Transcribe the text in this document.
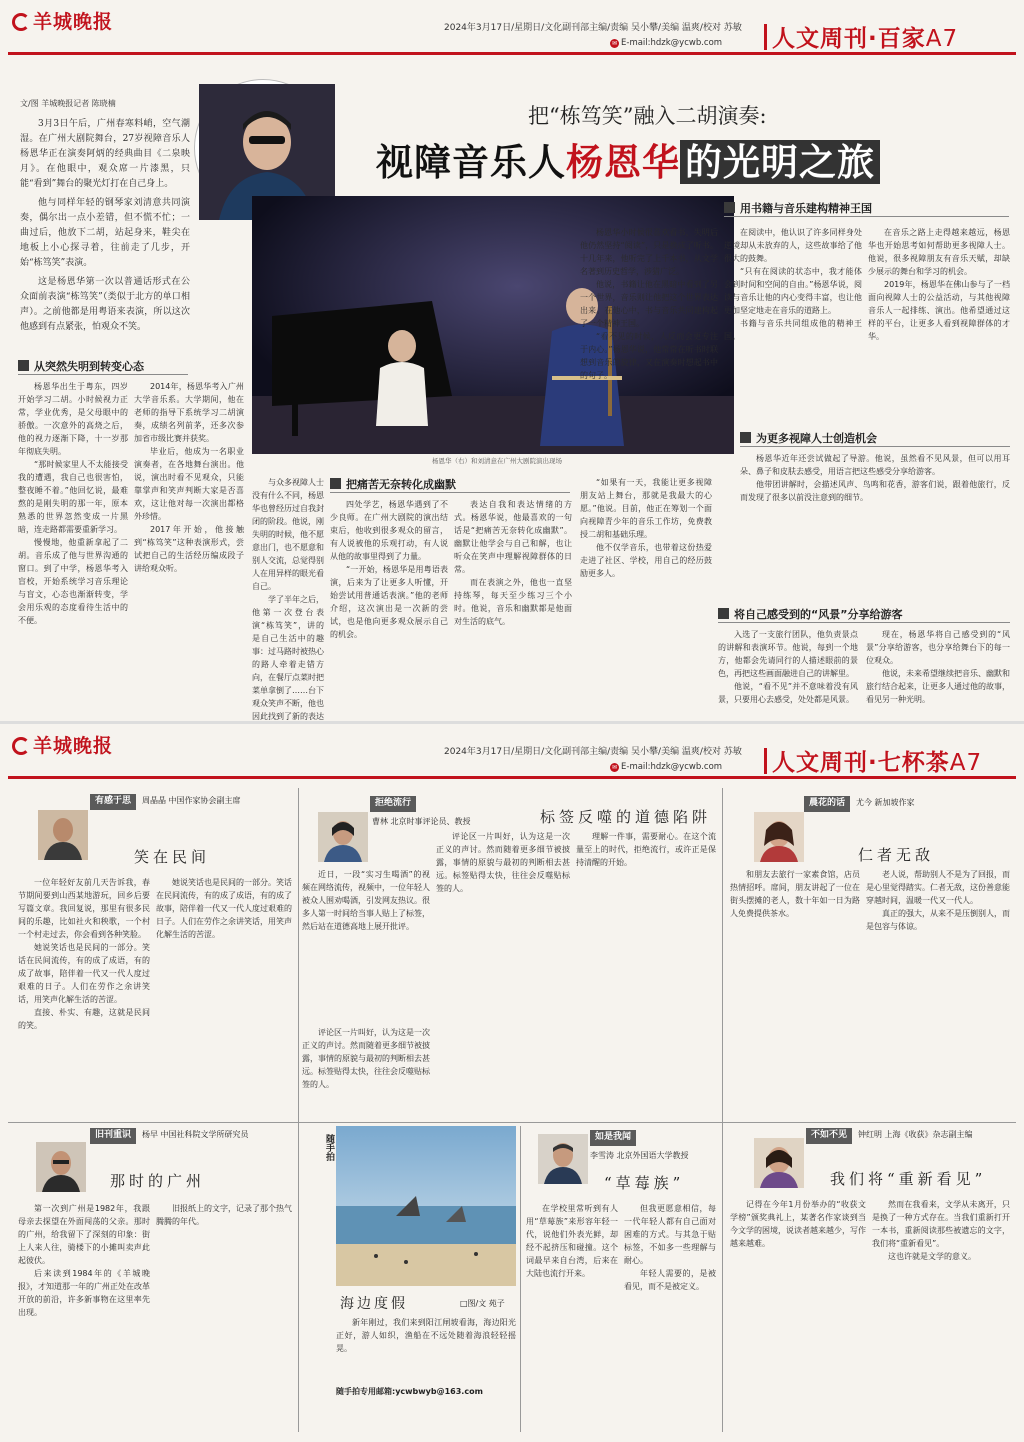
羊城晚报	2024年3月17日/星期日/文化副刊部主编/责编 吴小攀/美编 温爽/校对 苏敏
✉ E-mail:hdzk@ycwb.com 人文周刊·百家A7
文/图 羊城晚报记者 陈晓楠

3月3日午后，广州春寒料峭，空气潮湿。在广州大剧院舞台，27岁视障音乐人杨恩华正在演奏阿炳的经典曲目《二泉映月》。在他眼中，观众席一片漆黑，只能“看到”舞台的聚光灯打在自己身上。

他与同样年轻的钢琴家刘清意共同演奏，偶尔出一点小差错，但不慌不忙；一曲过后，他放下二胡，站起身来，鞋尖在地板上小心探寻着，往前走了几步，开始“栋笃笑”表演。

这是杨恩华第一次以普通话形式在公众面前表演“栋笃笑”（类似于北方的单口相声）。之前他都是用粤语来表演，所以这次他感到有点紧张，怕观众不笑。

把“栋笃笑”融入二胡演奏:
视障音乐人杨恩华 的光明之旅
杨恩华（右）和刘清意在广州大剧院演出现场
从突然失明到转变心态
把痛苦无奈转化成幽默
用书籍与音乐建构精神王国
为更多视障人士创造机会
将自己感受到的“风景”分享给游客

杨恩华出生于粤东，四岁开始学习二胡。小时候视力正常，学业优秀，是父母眼中的骄傲。一次意外的高烧之后，他的视力逐渐下降，十一岁那年彻底失明。

“那时候家里人不太能接受我的遭遇，我自己也很害怕，整夜睡不着。”他回忆说，最难熬的是刚失明的那一年，原本熟悉的世界忽然变成一片黑暗，连走路都需要重新学习。

慢慢地，他重新拿起了二胡。音乐成了他与世界沟通的窗口。到了中学，杨恩华考入盲校，开始系统学习音乐理论与盲文，心态也渐渐转变，学会用乐观的态度看待生活中的不便。

2014年，杨恩华考入广州大学音乐系。大学期间，他在老师的指导下系统学习二胡演奏，成绩名列前茅，还多次参加省市级比赛并获奖。

毕业后，他成为一名职业演奏者，在各地舞台演出。他说，演出时看不见观众，只能靠掌声和笑声判断大家是否喜欢，这让他对每一次演出都格外珍惜。

2017年开始，他接触到“栋笃笑”这种表演形式，尝试把自己的生活经历编成段子讲给观众听。

与众多视障人士没有什么不同，杨恩华也曾经历过自我封闭的阶段。他说，刚失明的时候，他不愿意出门，也不愿意和别人交流，总觉得别人在用异样的眼光看自己。

学了半年之后，他第一次登台表演“栋笃笑”，讲的是自己生活中的趣事：过马路时被热心的路人牵着走错方向，在餐厅点菜时把菜单拿倒了……台下观众笑声不断，他也因此找到了新的表达

四处学艺，杨恩华遇到了不少良师。在广州大剧院的演出结束后，他收到很多观众的留言，有人说被他的乐观打动，有人说从他的故事里得到了力量。

“一开始，杨恩华是用粤语表演，后来为了让更多人听懂，开始尝试用普通话表演。”他的老师介绍，这次演出是一次新的尝试，也是他向更多观众展示自己的机会。

表达自我和表达情绪的方式。杨恩华说，他最喜欢的一句话是“把痛苦无奈转化成幽默”。幽默让他学会与自己和解，也让听众在笑声中理解视障群体的日常。

而在表演之外，他也一直坚持练琴，每天至少练习三个小时。他说，音乐和幽默都是他面对生活的底气。

杨恩华小时候很喜欢看书，失明后他仍然坚持“阅读”，只是换成了听书。十几年来，他听完了上千本书，从文学名著到历史哲学，涉猎广泛。

他说，书籍让他在黑暗中看到了另一个世界，音乐则让他把这个世界表达出来。在他心中，书与音乐共同建构起了一个精神王国。

“看不见的时候，人反而会更专注于内心。”杨恩华说，他常常在听书时联想到音乐的旋律，又在演奏时想起书中的句子。

在阅读中，他认识了许多同样身处逆境却从未放弃的人，这些故事给了他很大的鼓舞。

“只有在阅读的状态中，我才能体会到时间和空间的自由。”杨恩华说，阅读与音乐让他的内心变得丰富，也让他更加坚定地走在音乐的道路上。

书籍与音乐共同组成他的精神王国。

在音乐之路上走得越来越远，杨恩华也开始思考如何帮助更多视障人士。他说，很多视障朋友有音乐天赋，却缺少展示的舞台和学习的机会。

2019年，杨恩华在佛山参与了一档面向视障人士的公益活动，与其他视障音乐人一起排练、演出。他希望通过这样的平台，让更多人看到视障群体的才华。

“如果有一天，我能让更多视障朋友站上舞台，那就是我最大的心愿。”他说。目前，他正在筹划一个面向视障青少年的音乐工作坊，免费教授二胡和基础乐理。

他不仅学音乐，也带着这份热爱走进了社区、学校，用自己的经历鼓励更多人。

杨恩华近年还尝试做起了导游。他说，虽然看不见风景，但可以用耳朵、鼻子和皮肤去感受，用语言把这些感受分享给游客。

他带团讲解时，会描述风声、鸟鸣和花香，游客们说，跟着他旅行，反而发现了很多以前没注意到的细节。

入选了一支旅行团队，他负责景点的讲解和表演环节。他说，每到一个地方，他都会先请同行的人描述眼前的景色，再把这些画面融进自己的讲解里。

他说，“看不见”并不意味着没有风景，只要用心去感受，处处都是风景。

现在，杨恩华将自己感受到的“风景”分享给游客，也分享给舞台下的每一位观众。

他说，未来希望继续把音乐、幽默和旅行结合起来，让更多人通过他的故事，看见另一种光明。

羊城晚报	2024年3月17日/星期日/文化副刊部主编/责编 吴小攀/美编 温爽/校对 苏敏
✉ E-mail:hdzk@ycwb.com 人文周刊·七杯茶A7
有感于思 周晶晶 中国作家协会副主席
笑在民间

一位年轻好友前几天告诉我，春节期间要到山西某地游玩，回乡后要写篇文章。我回复说，那里有很多民间的乐趣，比如社火和秧歌，一个村一个村走过去，你会看到各种笑脸。

她说笑话也是民间的一部分。笑话在民间流传，有的成了成语，有的成了故事，陪伴着一代又一代人度过艰难的日子。人们在劳作之余讲笑话，用笑声化解生活的苦涩。

直接、朴实、有趣，这就是民间的笑。

她说笑话也是民间的一部分。笑话在民间流传，有的成了成语，有的成了故事，陪伴着一代又一代人度过艰难的日子。人们在劳作之余讲笑话，用笑声化解生活的苦涩。

拒绝流行
曹林 北京时事评论员、教授	标签反噬的道德陷阱

近日，一段“实习生喝酒”的视频在网络流传，视频中，一位年轻人被众人围劝喝酒，引发网友热议。很多人第一时间给当事人贴上了标签，然后站在道德高地上展开批评。

评论区一片叫好，认为这是一次正义的声讨。然而随着更多细节被披露，事情的原貌与最初的判断相去甚远。标签贴得太快，往往会反噬贴标签的人。

理解一件事，需要耐心。在这个流量至上的时代，拒绝流行，或许正是保持清醒的开始。

评论区一片叫好，认为这是一次正义的声讨。然而随着更多细节被披露，事情的原貌与最初的判断相去甚远。标签贴得太快，往往会反噬贴标签的人。

晨花的话 尤今 新加坡作家
仁者无敌

和朋友去旅行一家素食馆，店员热情招呼。席间，朋友讲起了一位在街头摆摊的老人，数十年如一日为路人免费提供茶水。

老人说，帮助别人不是为了回报，而是心里觉得踏实。仁者无敌，这份善意能穿越时间，温暖一代又一代人。

真正的强大，从来不是压倒别人，而是包容与体谅。

旧刊重识 杨早 中国社科院文学所研究员
那时的广州

第一次到广州是1982年，我跟母亲去探望在外面闯荡的父亲。那时的广州，给我留下了深刻的印象：街上人来人往，骑楼下的小摊叫卖声此起彼伏。

后来读到1984年的《羊城晚报》，才知道那一年的广州正处在改革开放的前沿，许多新事物在这里率先出现。

旧报纸上的文字，记录了那个热气腾腾的年代。

随手拍
海边度假	□图/文 苑子

新年刚过，我们来到阳江闸坡看海，海边阳光正好，游人如织，渔船在不远处随着海浪轻轻摇晃。

随手拍专用邮箱:ycwbwyb@163.com
如是我闻
李雪涛 北京外国语大学教授
“草莓族”

在学校里常听到有人用“草莓族”来形容年轻一代，说他们外表光鲜，却经不起挤压和碰撞。这个词最早来自台湾，后来在大陆也流行开来。

但我更愿意相信，每一代年轻人都有自己面对困难的方式。与其急于贴标签，不如多一些理解与耐心。

年轻人需要的，是被看见，而不是被定义。

不如不见 钟红明 上海《收获》杂志副主编
我们将“重新看见”

记得在今年1月份举办的“收获文学榜”颁奖典礼上，某著名作家谈到当今文学的困境，说读者越来越少，写作越来越难。

然而在我看来，文学从未离开，只是换了一种方式存在。当我们重新打开一本书，重新阅读那些被遗忘的文字，我们将“重新看见”。

这也许就是文学的意义。
